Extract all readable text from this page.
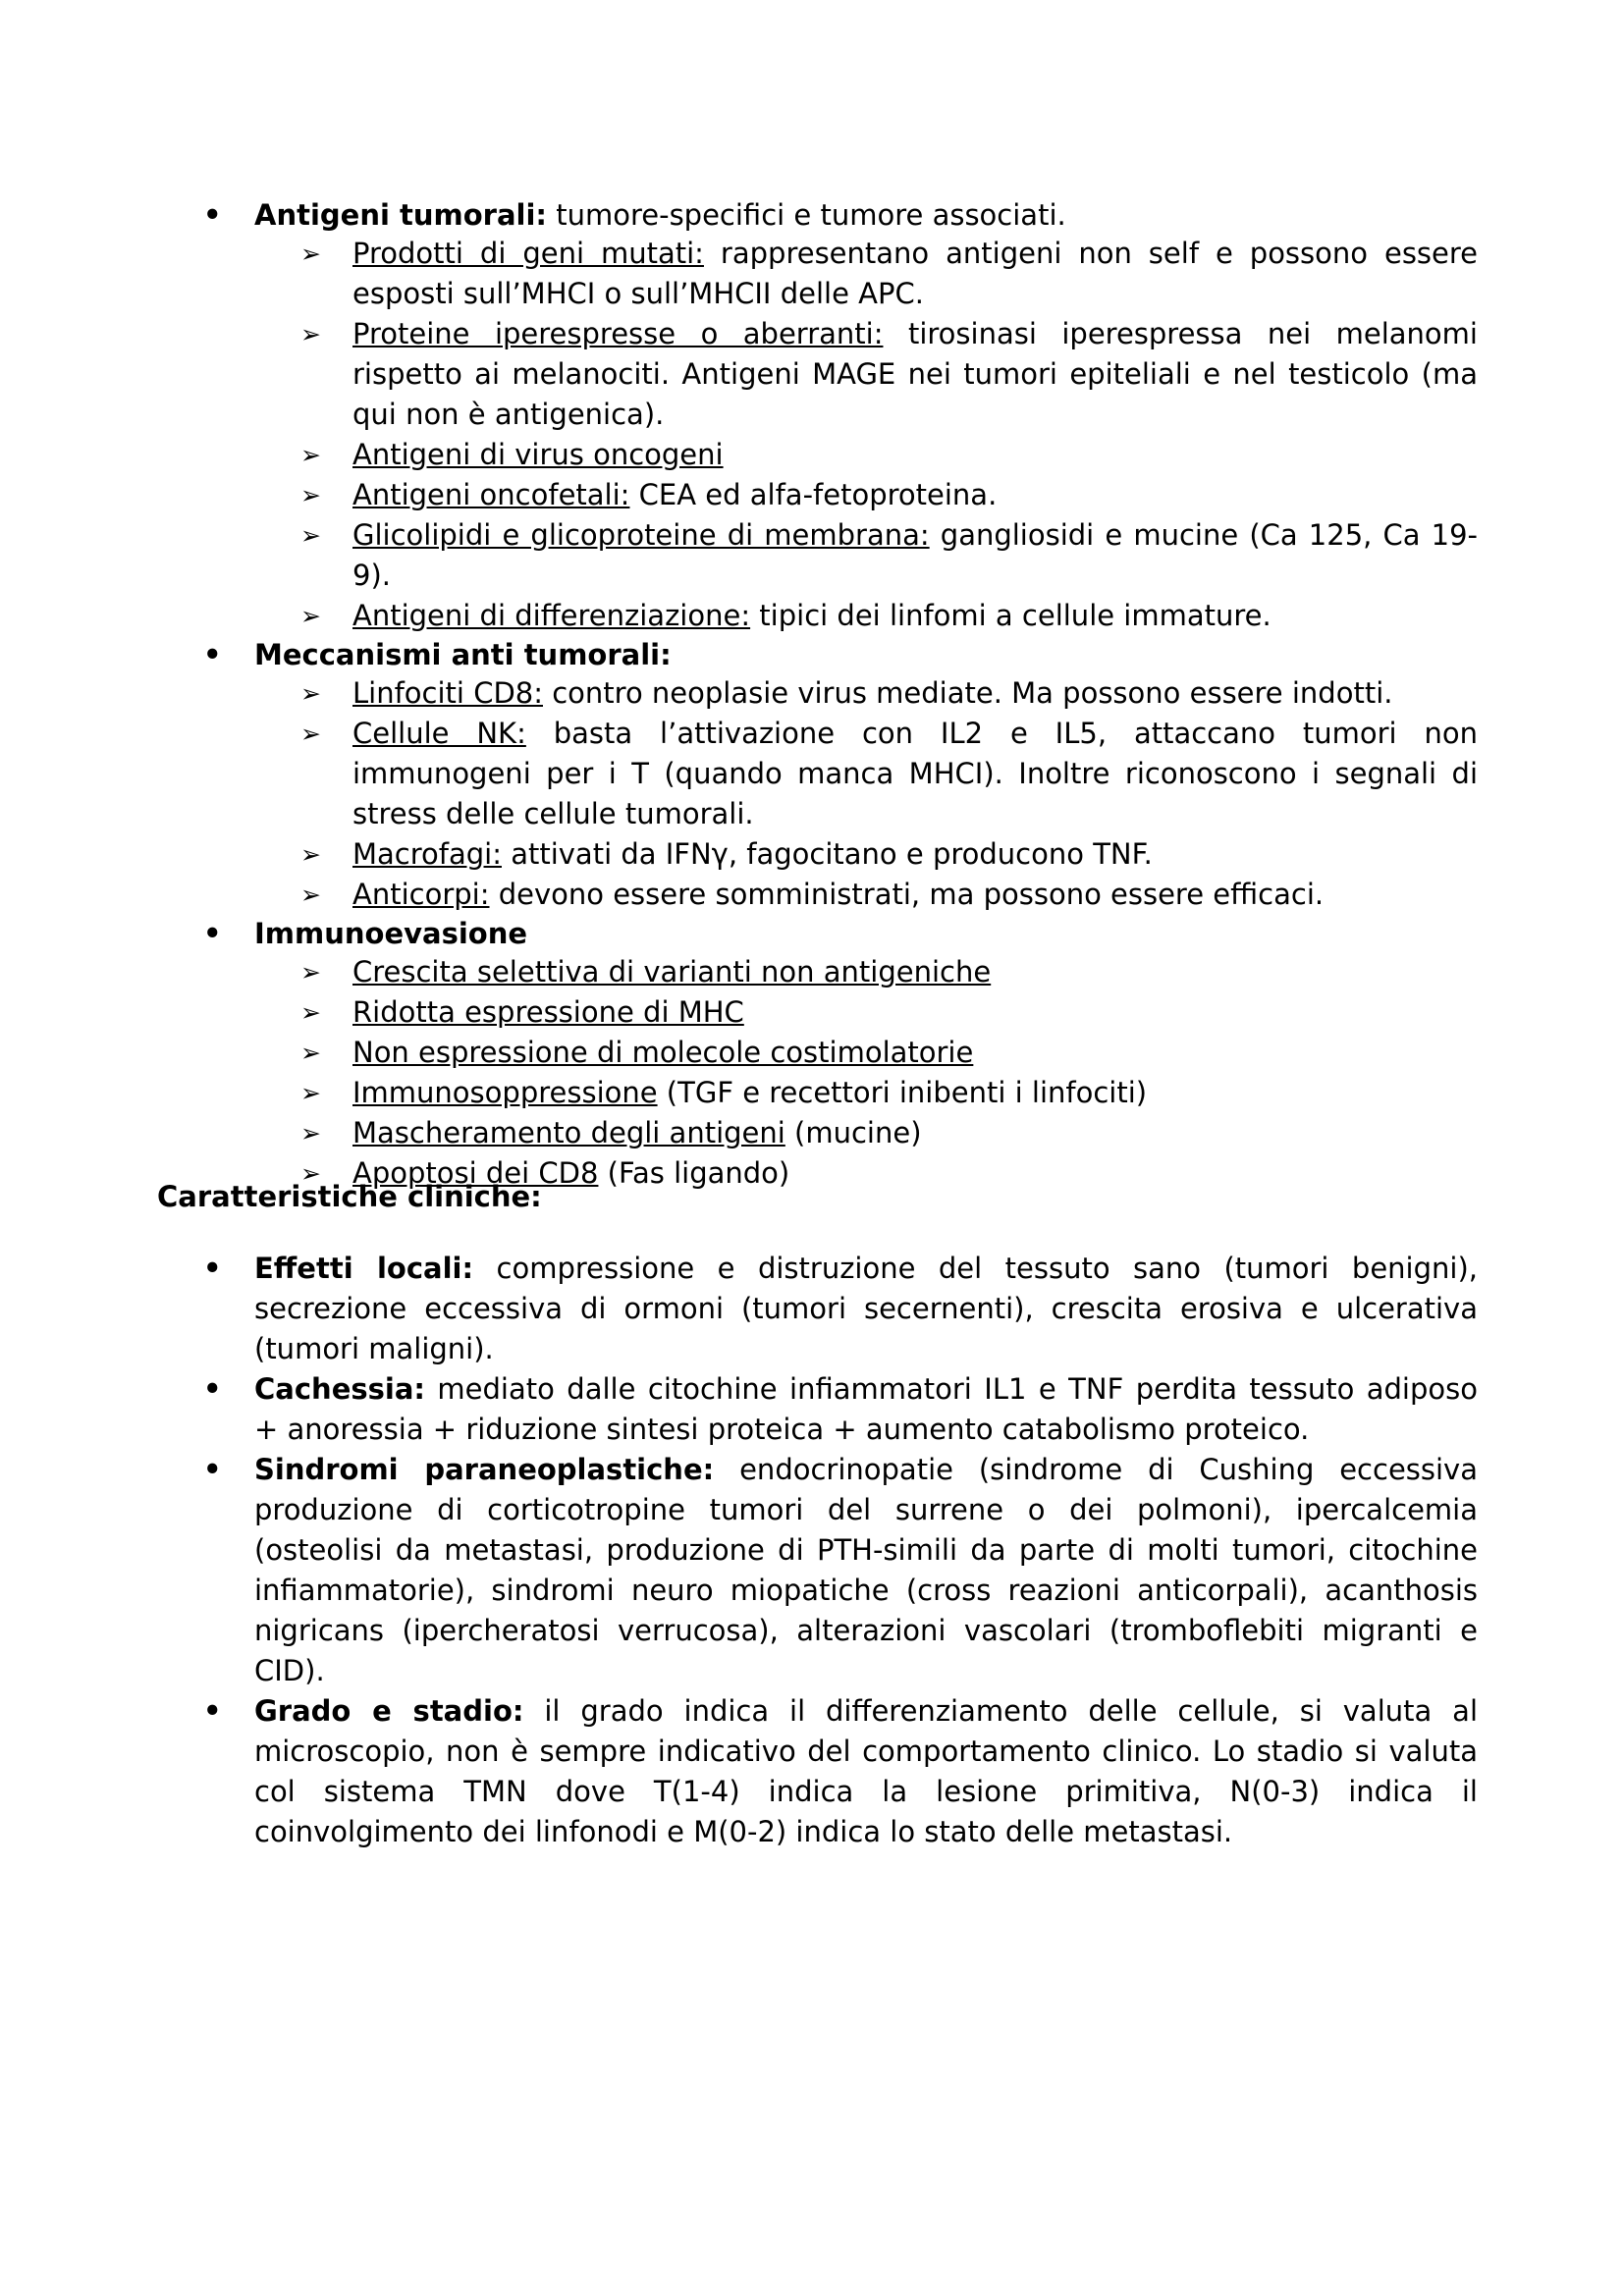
• Antigeni tumorali: tumore-specifici e tumore associati.
➢ Prodotti di geni mutati: rappresentano antigeni non self e possono essere esposti sull’MHCI o sull’MHCII delle APC.
➢ Proteine iperespresse o aberranti: tirosinasi iperespressa nei melanomi rispetto ai melanociti. Antigeni MAGE nei tumori epiteliali e nel testicolo (ma qui non è antigenica).
➢ Antigeni di virus oncogeni
➢ Antigeni oncofetali: CEA ed alfa-fetoproteina.
➢ Glicolipidi e glicoproteine di membrana: gangliosidi e mucine (Ca 125, Ca 19-9).
➢ Antigeni di differenziazione: tipici dei linfomi a cellule immature.
• Meccanismi anti tumorali:
➢ Linfociti CD8: contro neoplasie virus mediate. Ma possono essere indotti.
➢ Cellule NK: basta l’attivazione con IL2 e IL5, attaccano tumori non immunogeni per i T (quando manca MHCI). Inoltre riconoscono i segnali di stress delle cellule tumorali.
➢ Macrofagi: attivati da IFNγ, fagocitano e producono TNF.
➢ Anticorpi: devono essere somministrati, ma possono essere efficaci.
• Immunoevasione
➢ Crescita selettiva di varianti non antigeniche
➢ Ridotta espressione di MHC
➢ Non espressione di molecole costimolatorie
➢ Immunosoppressione (TGF e recettori inibenti i linfociti)
➢ Mascheramento degli antigeni (mucine)
➢ Apoptosi dei CD8 (Fas ligando)
Caratteristiche cliniche:
• Effetti locali: compressione e distruzione del tessuto sano (tumori benigni), secrezione eccessiva di ormoni (tumori secernenti), crescita erosiva e ulcerativa (tumori maligni).
• Cachessia: mediato dalle citochine infiammatori IL1 e TNF perdita tessuto adiposo + anoressia + riduzione sintesi proteica + aumento catabolismo proteico.
• Sindromi paraneoplastiche: endocrinopatie (sindrome di Cushing eccessiva produzione di corticotropine tumori del surrene o dei polmoni), ipercalcemia (osteolisi da metastasi, produzione di PTH-simili da parte di molti tumori, citochine infiammatorie), sindromi neuro miopatiche (cross reazioni anticorpali), acanthosis nigricans (ipercheratosi verrucosa), alterazioni vascolari (tromboflebiti migranti e CID).
• Grado e stadio: il grado indica il differenziamento delle cellule, si valuta al microscopio, non è sempre indicativo del comportamento clinico. Lo stadio si valuta col sistema TMN dove T(1-4) indica la lesione primitiva, N(0-3) indica il coinvolgimento dei linfonodi e M(0-2) indica lo stato delle metastasi.
